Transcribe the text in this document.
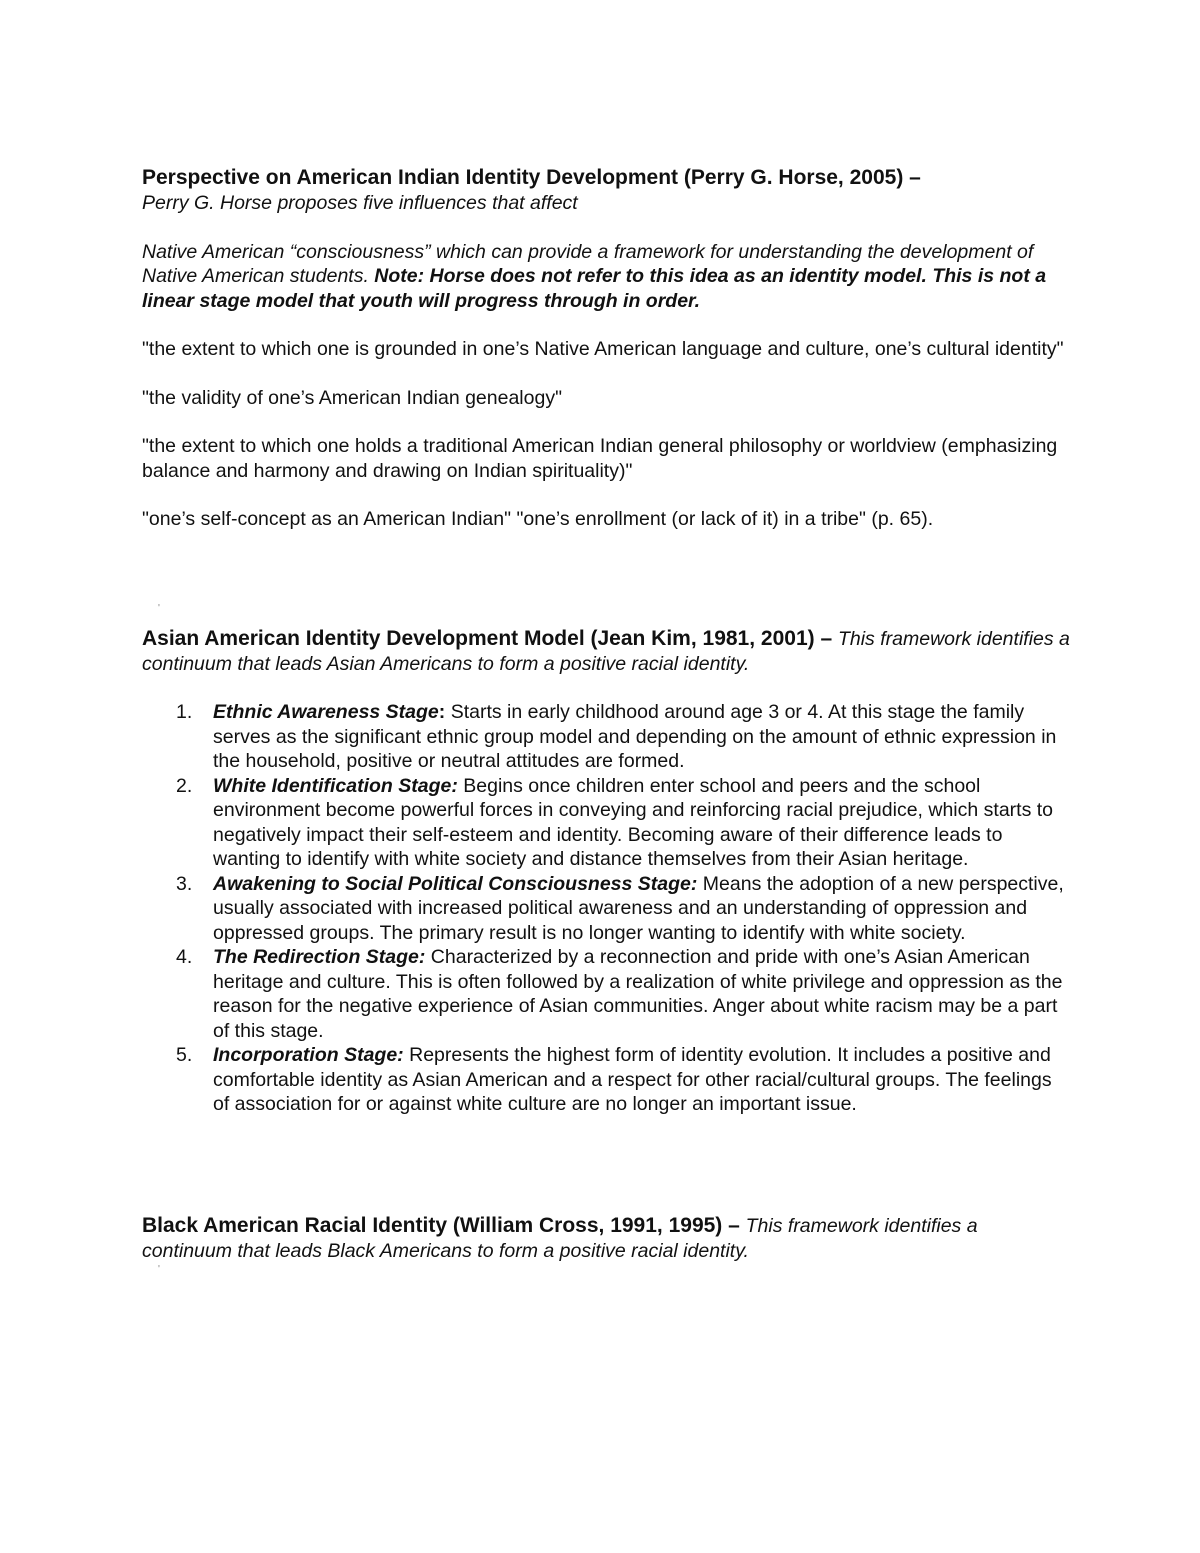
Perspective on American Indian Identity Development (Perry G. Horse, 2005) –

Perry G. Horse proposes five influences that affect

Native American “consciousness” which can provide a framework for understanding the development of Native American students. Note: Horse does not refer to this idea as an identity model. This is not a linear stage model that youth will progress through in order.

"the extent to which one is grounded in one’s Native American language and culture, one’s cultural identity"

"the validity of one’s American Indian genealogy"

"the extent to which one holds a traditional American Indian general philosophy or worldview (emphasizing balance and harmony and drawing on Indian spirituality)"

"one’s self-concept as an American Indian" "one’s enrollment (or lack of it) in a tribe" (p. 65).

Asian American Identity Development Model (Jean Kim, 1981, 2001) – This framework identifies a continuum that leads Asian Americans to form a positive racial identity.

1. Ethnic Awareness Stage: Starts in early childhood around age 3 or 4. At this stage the family serves as the significant ethnic group model and depending on the amount of ethnic expression in the household, positive or neutral attitudes are formed.
2. White Identification Stage: Begins once children enter school and peers and the school environment become powerful forces in conveying and reinforcing racial prejudice, which starts to negatively impact their self-esteem and identity. Becoming aware of their difference leads to wanting to identify with white society and distance themselves from their Asian heritage.
3. Awakening to Social Political Consciousness Stage: Means the adoption of a new perspective, usually associated with increased political awareness and an understanding of oppression and oppressed groups. The primary result is no longer wanting to identify with white society.
4. The Redirection Stage: Characterized by a reconnection and pride with one’s Asian American heritage and culture. This is often followed by a realization of white privilege and oppression as the reason for the negative experience of Asian communities. Anger about white racism may be a part of this stage.
5. Incorporation Stage: Represents the highest form of identity evolution. It includes a positive and comfortable identity as Asian American and a respect for other racial/cultural groups. The feelings of association for or against white culture are no longer an important issue.

Black American Racial Identity (William Cross, 1991, 1995) – This framework identifies a continuum that leads Black Americans to form a positive racial identity.

'
'
